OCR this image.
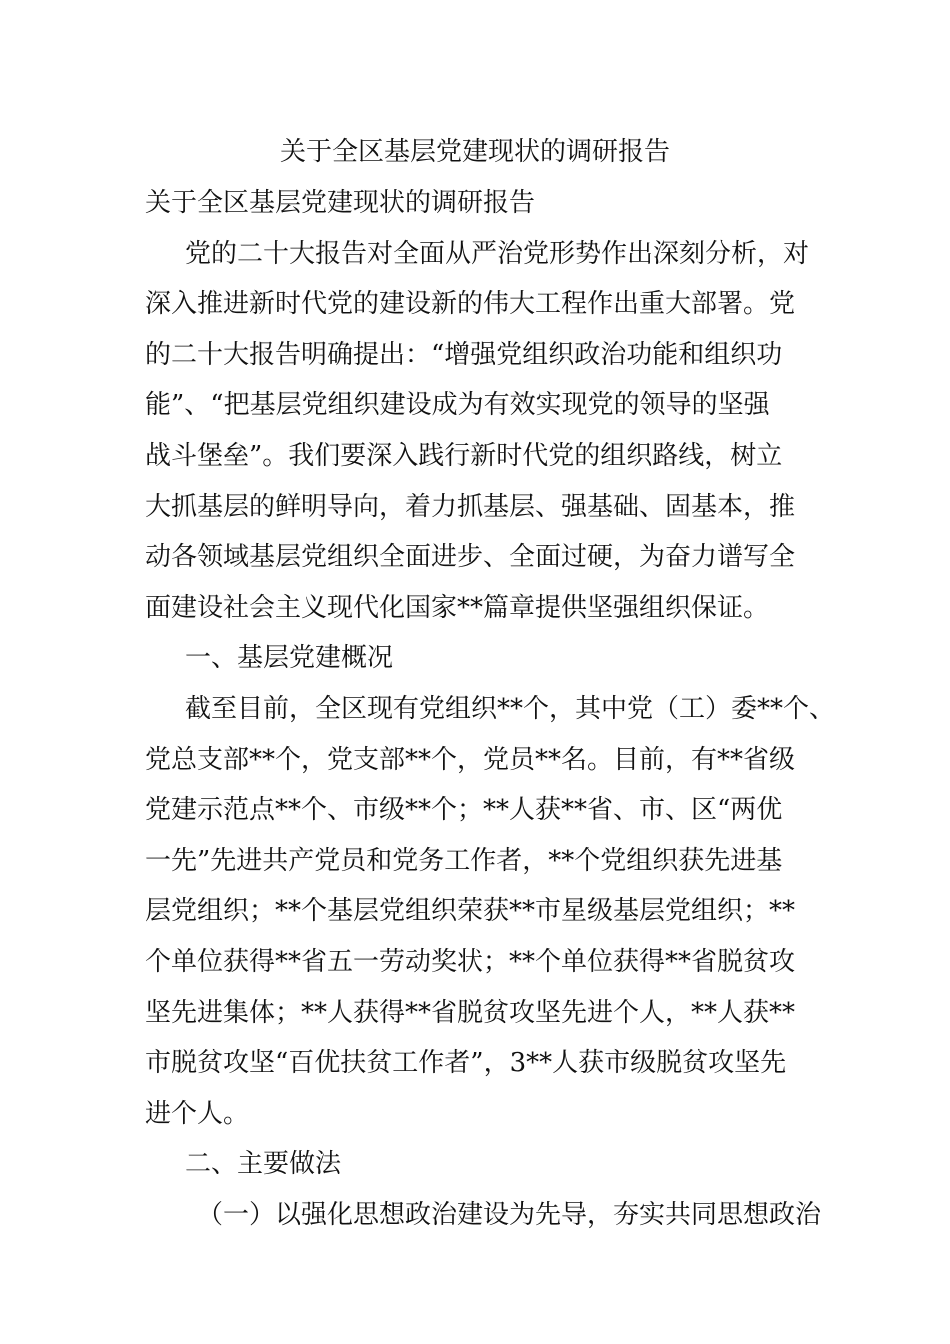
关于全区基层党建现状的调研报告
关于全区基层党建现状的调研报告
党的二十大报告对全面从严治党形势作出深刻分析，对
深入推进新时代党的建设新的伟大工程作出重大部署。党
的二十大报告明确提出：“增强党组织政治功能和组织功
能”、“把基层党组织建设成为有效实现党的领导的坚强
战斗堡垒”。我们要深入践行新时代党的组织路线，树立
大抓基层的鲜明导向，着力抓基层、强基础、固基本，推
动各领域基层党组织全面进步、全面过硬，为奋力谱写全
面建设社会主义现代化国家**篇章提供坚强组织保证。
一、基层党建概况
截至目前，全区现有党组织**个，其中党（工）委**个、
党总支部**个，党支部**个，党员**名。目前，有**省级
党建示范点**个、市级**个；**人获**省、市、区“两优
一先”先进共产党员和党务工作者，**个党组织获先进基
层党组织；**个基层党组织荣获**市星级基层党组织；**
个单位获得**省五一劳动奖状；**个单位获得**省脱贫攻
坚先进集体；**人获得**省脱贫攻坚先进个人，**人获**
市脱贫攻坚“百优扶贫工作者”，3**人获市级脱贫攻坚先
进个人。
二、主要做法
（一）以强化思想政治建设为先导，夯实共同思想政治
